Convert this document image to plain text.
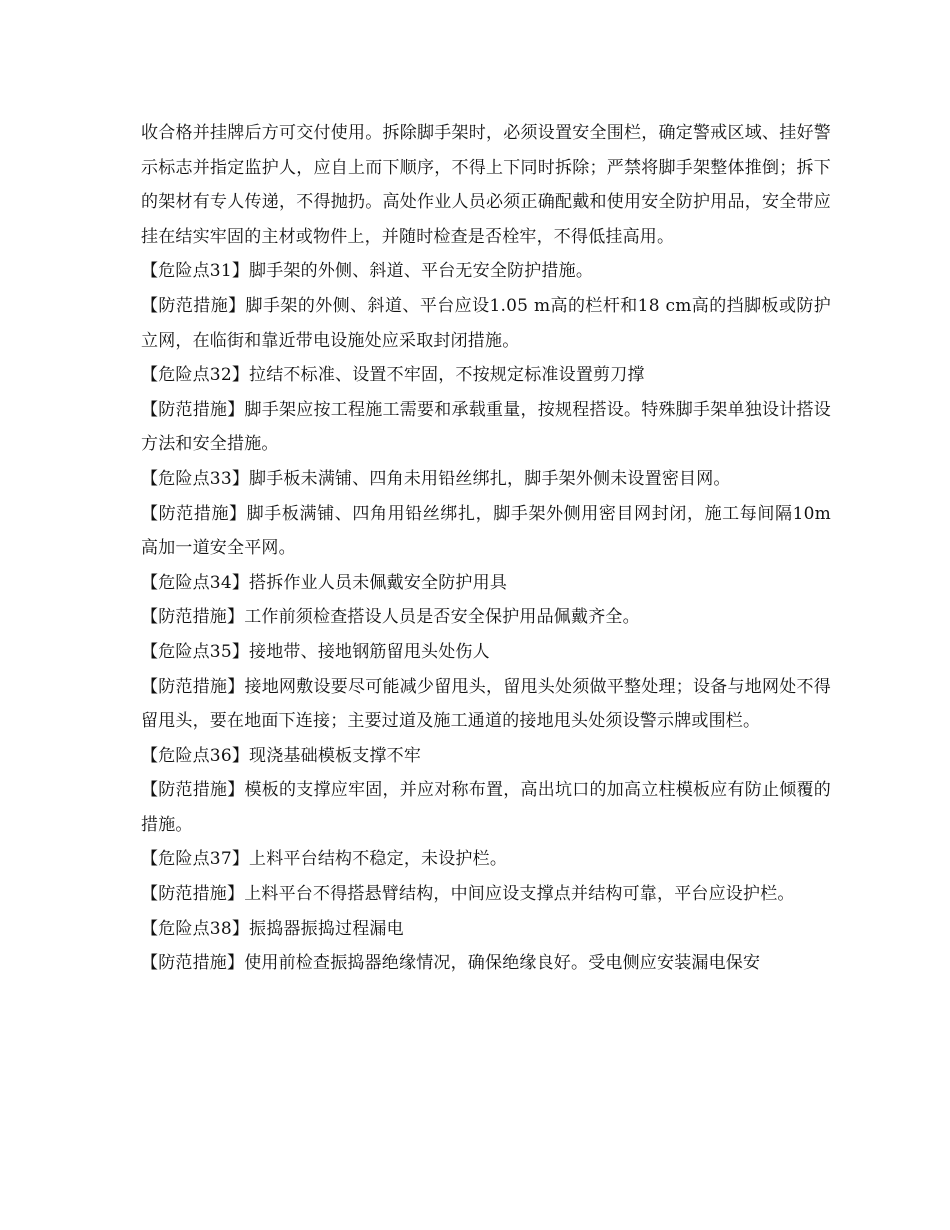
收合格并挂牌后方可交付使用。拆除脚手架时，必须设置安全围栏，确定警戒区域、挂好警示标志并指定监护人，应自上而下顺序，不得上下同时拆除；严禁将脚手架整体推倒；拆下的架材有专人传递，不得抛扔。高处作业人员必须正确配戴和使用安全防护用品，安全带应挂在结实牢固的主材或物件上，并随时检查是否栓牢，不得低挂高用。

【危险点31】脚手架的外侧、斜道、平台无安全防护措施。

【防范措施】脚手架的外侧、斜道、平台应设1.05 m高的栏杆和18 cm高的挡脚板或防护立网，在临街和靠近带电设施处应采取封闭措施。

【危险点32】拉结不标准、设置不牢固，不按规定标准设置剪刀撑

【防范措施】脚手架应按工程施工需要和承载重量，按规程搭设。特殊脚手架单独设计搭设方法和安全措施。

【危险点33】脚手板未满铺、四角未用铅丝绑扎，脚手架外侧未设置密目网。

【防范措施】脚手板满铺、四角用铅丝绑扎，脚手架外侧用密目网封闭，施工每间隔10m高加一道安全平网。

【危险点34】搭拆作业人员未佩戴安全防护用具

【防范措施】工作前须检查搭设人员是否安全保护用品佩戴齐全。

【危险点35】接地带、接地钢筋留甩头处伤人

【防范措施】接地网敷设要尽可能减少留甩头，留甩头处须做平整处理；设备与地网处不得留甩头，要在地面下连接；主要过道及施工通道的接地甩头处须设警示牌或围栏。

【危险点36】现浇基础模板支撑不牢

【防范措施】模板的支撑应牢固，并应对称布置，高出坑口的加高立柱模板应有防止倾覆的措施。

【危险点37】上料平台结构不稳定，未设护栏。

【防范措施】上料平台不得搭悬臂结构，中间应设支撑点并结构可靠，平台应设护栏。

【危险点38】振捣器振捣过程漏电

【防范措施】使用前检查振捣器绝缘情况，确保绝缘良好。受电侧应安装漏电保安
